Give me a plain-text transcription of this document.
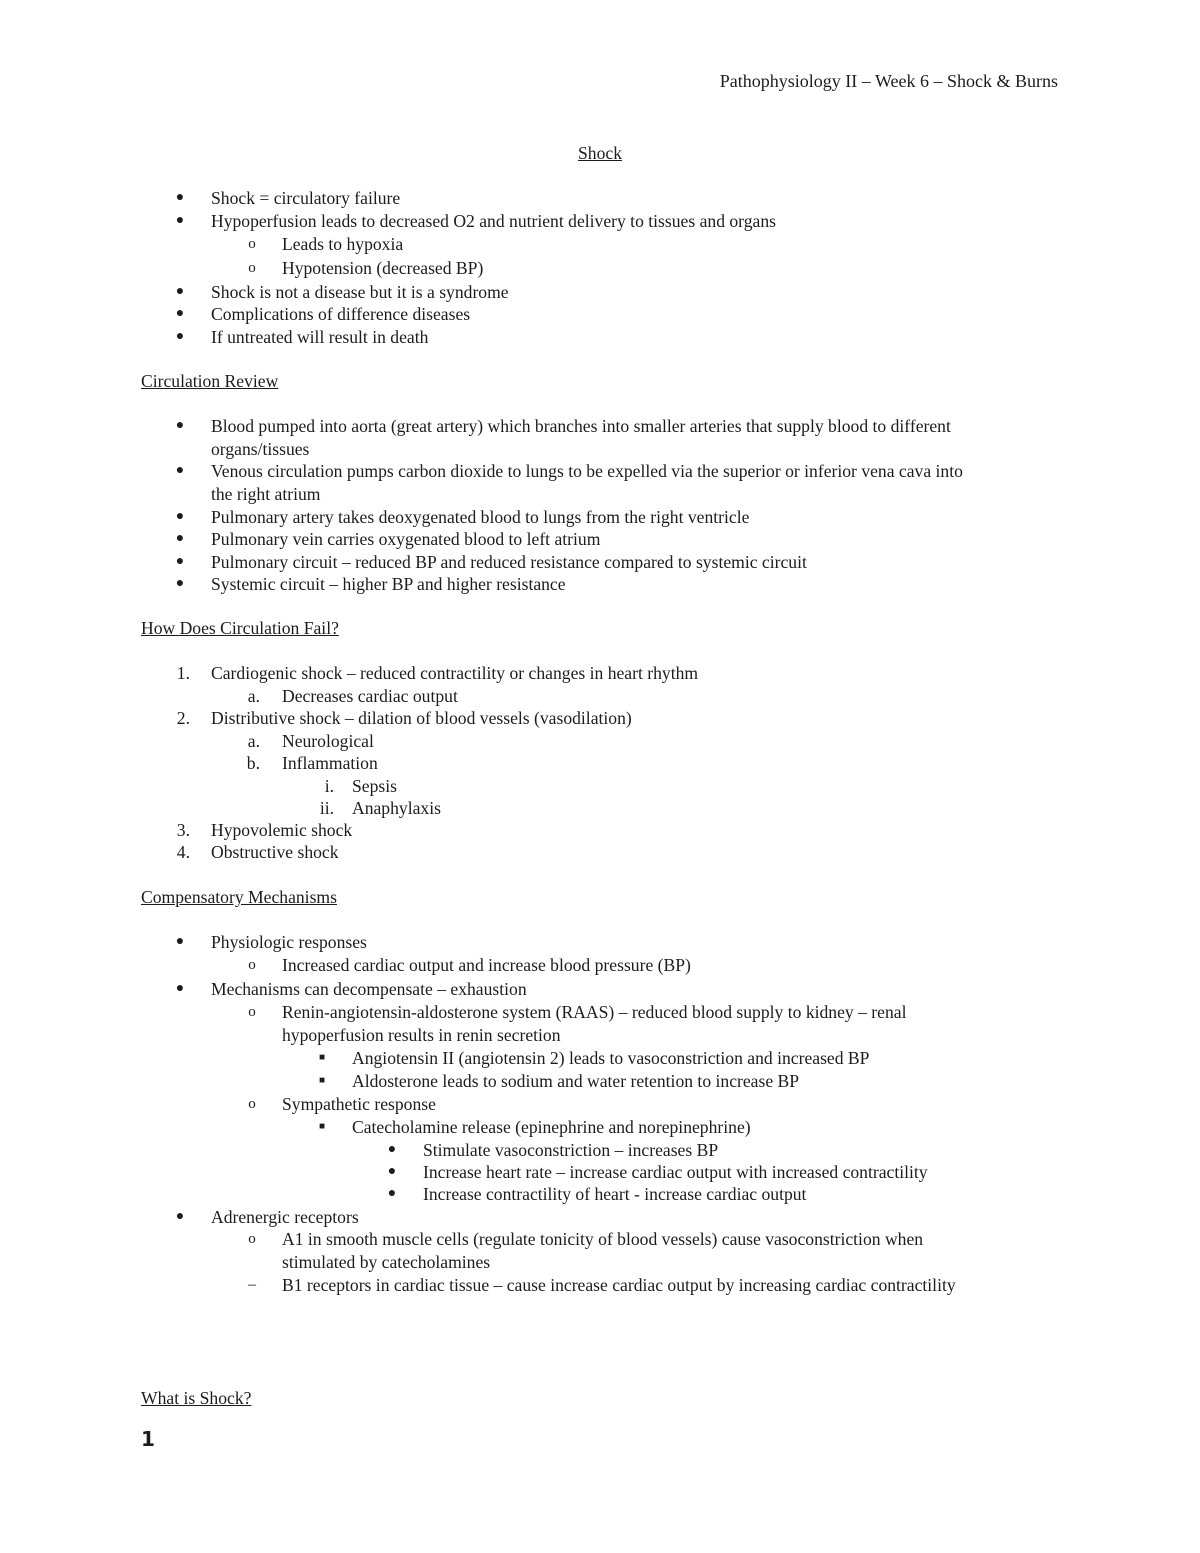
Pathophysiology II – Week 6 – Shock & Burns
Shock
●	Shock = circulatory failure
●	Hypoperfusion leads to decreased O2 and nutrient delivery to tissues and organs
o	Leads to hypoxia
o	Hypotension (decreased BP)
●	Shock is not a disease but it is a syndrome
●	Complications of difference diseases
●	If untreated will result in death
Circulation Review
●	Blood pumped into aorta (great artery) which branches into smaller arteries that supply blood to different
organs/tissues
●	Venous circulation pumps carbon dioxide to lungs to be expelled via the superior or inferior vena cava into
the right atrium
●	Pulmonary artery takes deoxygenated blood to lungs from the right ventricle
●	Pulmonary vein carries oxygenated blood to left atrium
●	Pulmonary circuit – reduced BP and reduced resistance compared to systemic circuit
●	Systemic circuit – higher BP and higher resistance
How Does Circulation Fail?
1. Cardiogenic shock – reduced contractility or changes in heart rhythm
a. Decreases cardiac output
2. Distributive shock – dilation of blood vessels (vasodilation)
a. Neurological
b. Inflammation
i. Sepsis
ii. Anaphylaxis
3. Hypovolemic shock
4. Obstructive shock
Compensatory Mechanisms
●	Physiologic responses
o	Increased cardiac output and increase blood pressure (BP)
●	Mechanisms can decompensate – exhaustion
o	Renin-angiotensin-aldosterone system (RAAS) – reduced blood supply to kidney – renal
hypoperfusion results in renin secretion
■	Angiotensin II (angiotensin 2) leads to vasoconstriction and increased BP
■	Aldosterone leads to sodium and water retention to increase BP
o	Sympathetic response
■	Catecholamine release (epinephrine and norepinephrine)
●	Stimulate vasoconstriction – increases BP
●	Increase heart rate – increase cardiac output with increased contractility
●	Increase contractility of heart - increase cardiac output
●	Adrenergic receptors
o	A1 in smooth muscle cells (regulate tonicity of blood vessels) cause vasoconstriction when
stimulated by catecholamines
–	B1 receptors in cardiac tissue – cause increase cardiac output by increasing cardiac contractility
What is Shock?
1
